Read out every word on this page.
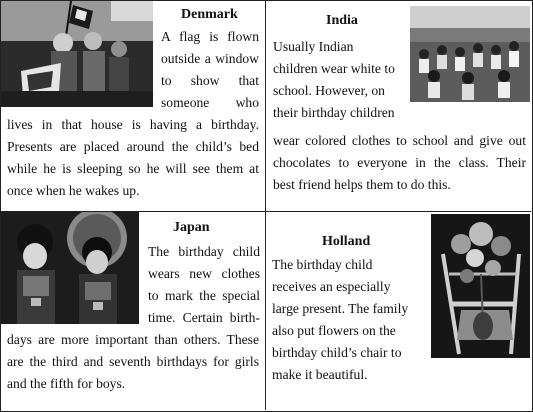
Denmark

A flag is flown
outside a window
to show that
someone who
lives in that house is having a birthday.
Presents are placed around the child’s bed
while he is sleeping so he will see them at
once when he wakes up.

India

Usually Indian
children wear white to
school. However, on
their birthday children
wear colored clothes to school and give out
chocolates to everyone in the class. Their
best friend helps them to do this.

Japan

The birthday child
wears new clothes
to mark the special
time. Certain birth-
days are more important than others. These
are the third and seventh birthdays for girls
and the fifth for boys.

Holland

The birthday child
receives an especially
large present. The family
also put flowers on the
birthday child’s chair to
make it beautiful.
